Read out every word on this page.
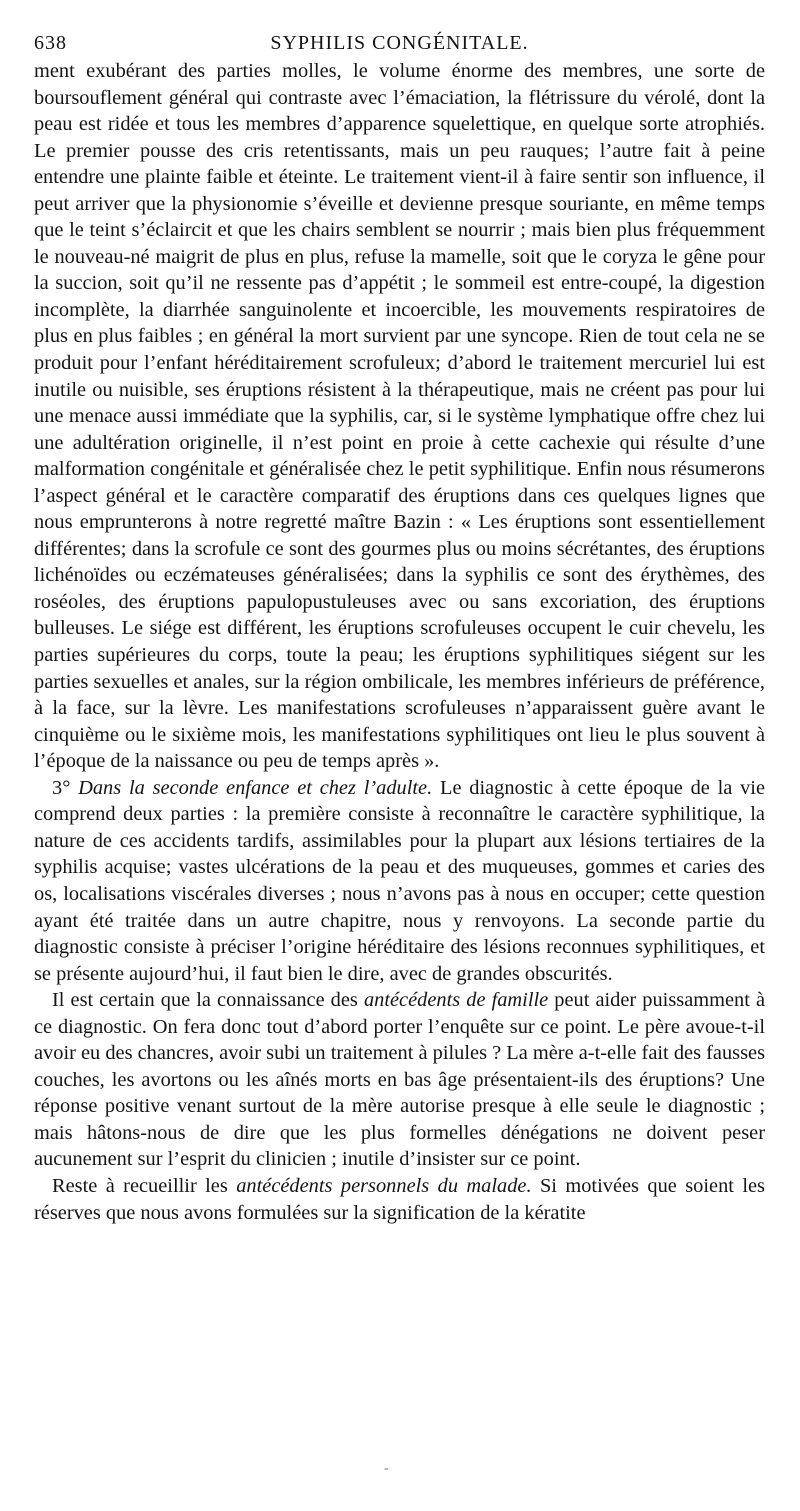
638	SYPHILIS CONGÉNITALE.

ment exubérant des parties molles, le volume énorme des membres, une sorte de boursouflement général qui contraste avec l’émaciation, la flétrissure du vérolé, dont la peau est ridée et tous les membres d’apparence squelettique, en quelque sorte atrophiés. Le premier pousse des cris retentissants, mais un peu rauques; l’autre fait à peine entendre une plainte faible et éteinte. Le traitement vient-il à faire sentir son influence, il peut arriver que la physionomie s’éveille et devienne presque souriante, en même temps que le teint s’éclaircit et que les chairs semblent se nourrir ; mais bien plus fréquemment le nouveau-né maigrit de plus en plus, refuse la mamelle, soit que le coryza le gêne pour la succion, soit qu’il ne ressente pas d’appétit ; le sommeil est entre-coupé, la digestion incomplète, la diarrhée sanguinolente et incoercible, les mouvements respiratoires de plus en plus faibles ; en général la mort survient par une syncope. Rien de tout cela ne se produit pour l’enfant héréditairement scrofuleux; d’abord le traitement mercuriel lui est inutile ou nuisible, ses éruptions résistent à la thérapeutique, mais ne créent pas pour lui une menace aussi immédiate que la syphilis, car, si le système lymphatique offre chez lui une adultération originelle, il n’est point en proie à cette cachexie qui résulte d’une malformation congénitale et généralisée chez le petit syphilitique. Enfin nous résumerons l’aspect général et le caractère comparatif des éruptions dans ces quelques lignes que nous emprunterons à notre regretté maître Bazin : « Les éruptions sont essentiellement différentes; dans la scrofule ce sont des gourmes plus ou moins sécrétantes, des éruptions lichénoïdes ou eczémateuses généralisées; dans la syphilis ce sont des érythèmes, des roséoles, des éruptions papulopustuleuses avec ou sans excoriation, des éruptions bulleuses. Le siége est différent, les éruptions scrofuleuses occupent le cuir chevelu, les parties supérieures du corps, toute la peau; les éruptions syphilitiques siégent sur les parties sexuelles et anales, sur la région ombilicale, les membres inférieurs de préférence, à la face, sur la lèvre. Les manifestations scrofuleuses n’apparaissent guère avant le cinquième ou le sixième mois, les manifestations syphilitiques ont lieu le plus souvent à l’époque de la naissance ou peu de temps après ».

3° Dans la seconde enfance et chez l’adulte. Le diagnostic à cette époque de la vie comprend deux parties : la première consiste à reconnaître le caractère syphilitique, la nature de ces accidents tardifs, assimilables pour la plupart aux lésions tertiaires de la syphilis acquise; vastes ulcérations de la peau et des muqueuses, gommes et caries des os, localisations viscérales diverses ; nous n’avons pas à nous en occuper; cette question ayant été traitée dans un autre chapitre, nous y renvoyons. La seconde partie du diagnostic consiste à préciser l’origine héréditaire des lésions reconnues syphilitiques, et se présente aujourd’hui, il faut bien le dire, avec de grandes obscurités.

Il est certain que la connaissance des antécédents de famille peut aider puissamment à ce diagnostic. On fera donc tout d’abord porter l’enquête sur ce point. Le père avoue-t-il avoir eu des chancres, avoir subi un traitement à pilules ? La mère a-t-elle fait des fausses couches, les avortons ou les aînés morts en bas âge présentaient-ils des éruptions? Une réponse positive venant surtout de la mère autorise presque à elle seule le diagnostic ; mais hâtons-nous de dire que les plus formelles dénégations ne doivent peser aucunement sur l’esprit du clinicien ; inutile d’insister sur ce point.

Reste à recueillir les antécédents personnels du malade. Si motivées que soient les réserves que nous avons formulées sur la signification de la kératite

-
